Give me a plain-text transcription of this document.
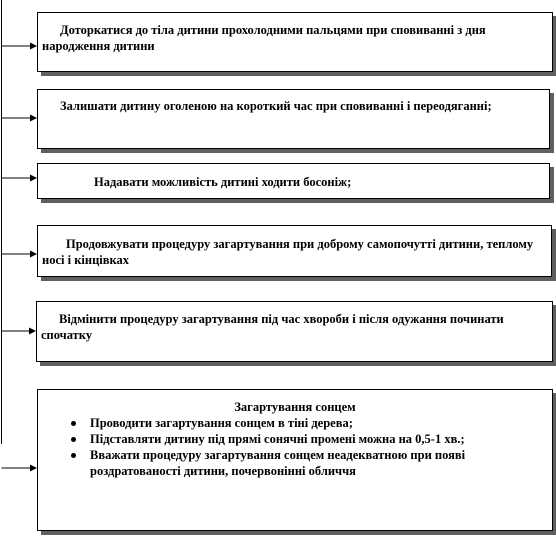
Доторкатися до тіла дитини прохолодними пальцями при сповиванні з дня народження дитини
Залишати дитину оголеною на короткий час при сповиванні і переодяганні;
Надавати можливість дитині ходити босоніж;
Продовжувати процедуру загартування при доброму самопочутті дитини, теплому носі і кінцівках
Відмінити процедуру загартування під час хвороби і після одужання починати спочатку
Загартування сонцем
Проводити загартування сонцем в тіні дерева;
Підставляти дитину під прямі сонячні промені можна на 0,5-1 хв.;
Вважати процедуру загартування сонцем неадекватною при появі роздратованості дитини, почервонінні обличчя
